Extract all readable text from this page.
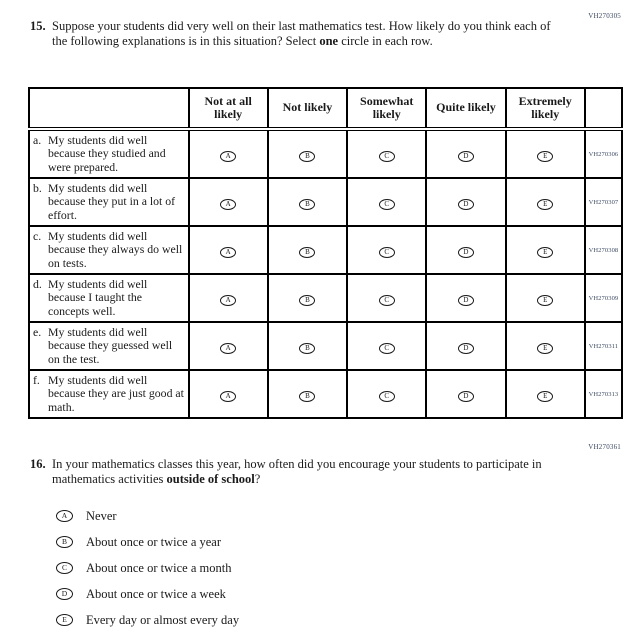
VH270305
15. Suppose your students did very well on their last mathematics test. How likely do you think each of the following explanations is in this situation? Select one circle in each row.
	Not at all likely	Not likely	Somewhat likely	Quite likely	Extremely likely	

a. My students did well because they studied and were prepared.	A	B	C	D	E	VH270306

b. My students did well because they put in a lot of effort.	A	B	C	D	E	VH270307

c. My students did well because they always do well on tests.	A	B	C	D	E	VH270308

d. My students did well because I taught the concepts well.	A	B	C	D	E	VH270309

e. My students did well because they guessed well on the test.	A	B	C	D	E	VH270311

f. My students did well because they are just good at math.	A	B	C	D	E	VH270313
VH270361
16. In your mathematics classes this year, how often did you encourage your students to participate in mathematics activities outside of school?
A	Never
B	About once or twice a year
C	About once or twice a month
D	About once or twice a week
E	Every day or almost every day
